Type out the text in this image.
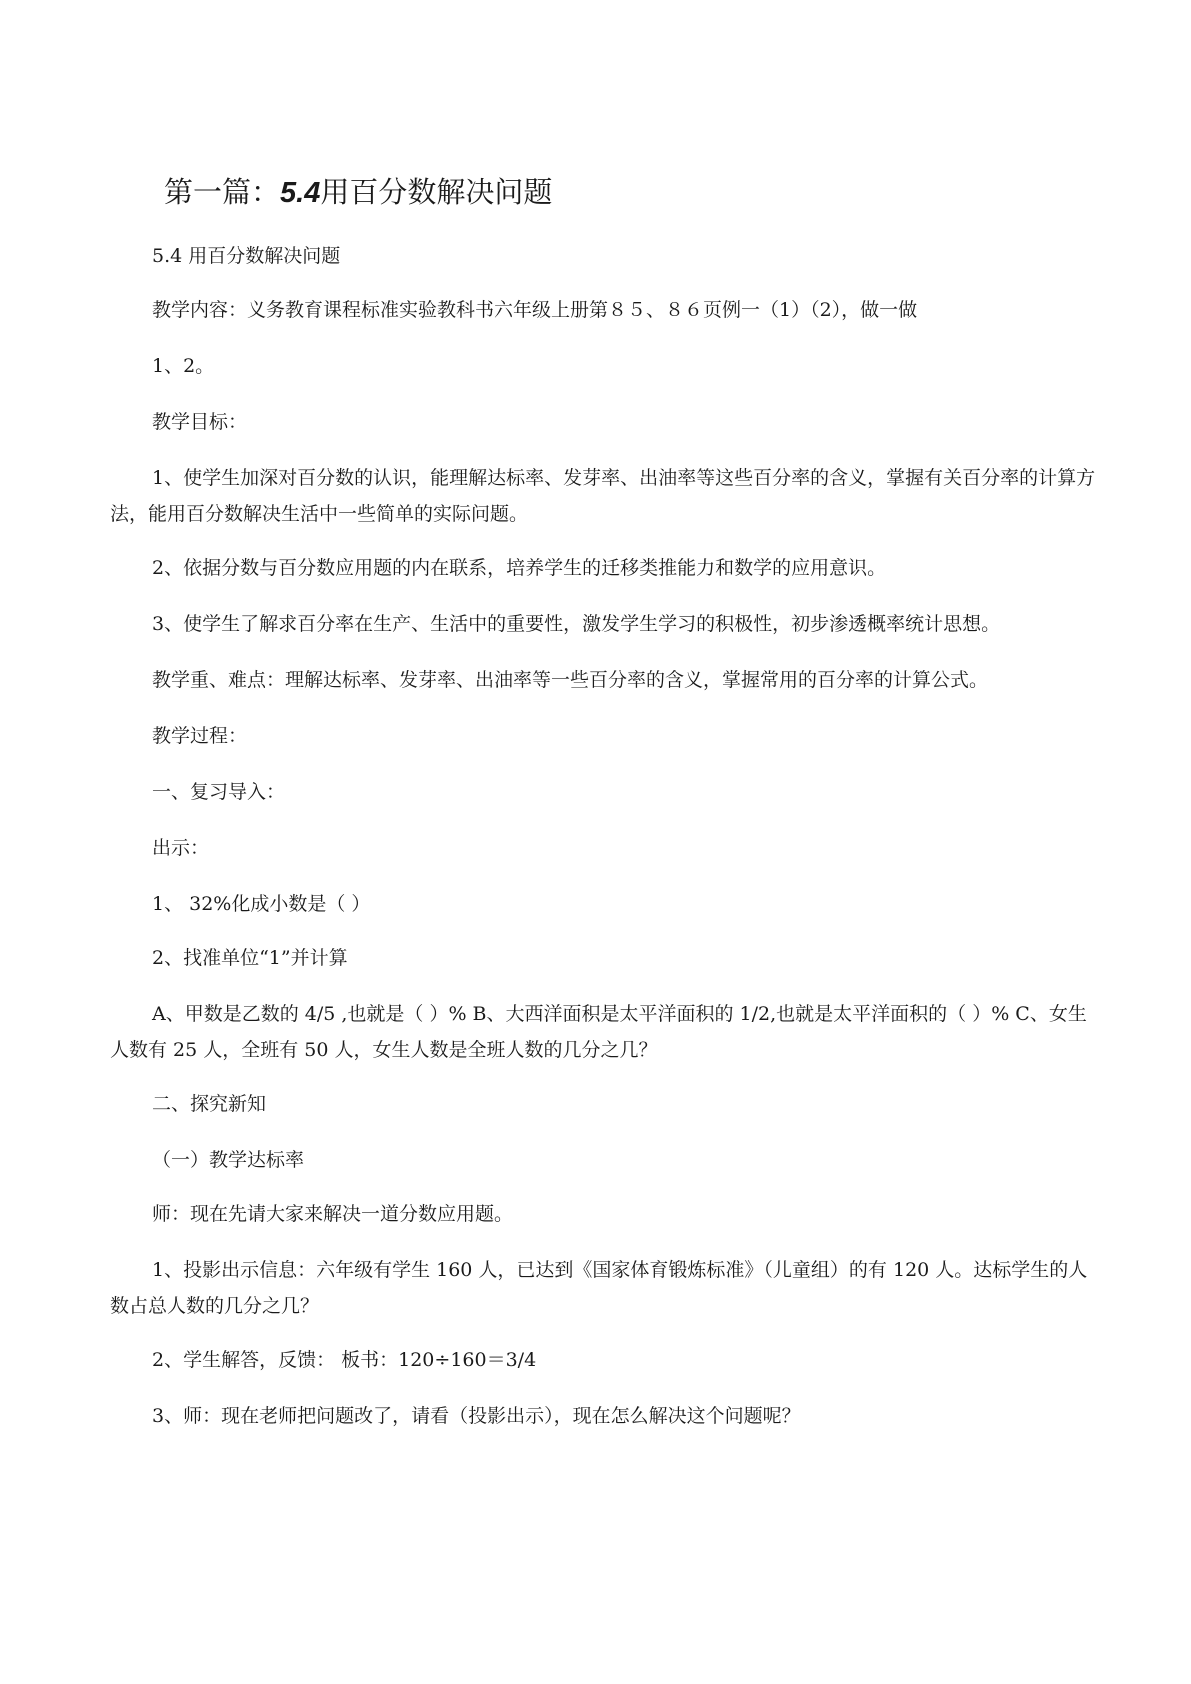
第一篇：5.4用百分数解决问题
5.4 用百分数解决问题
教学内容：义务教育课程标准实验教科书六年级上册第８５、８６页例一（1）（2），做一做
1、2。
教学目标：
1、使学生加深对百分数的认识，能理解达标率、发芽率、出油率等这些百分率的含义，掌握有关百分率的计算方法，能用百分数解决生活中一些简单的实际问题。
2、依据分数与百分数应用题的内在联系，培养学生的迁移类推能力和数学的应用意识。
3、使学生了解求百分率在生产、生活中的重要性，激发学生学习的积极性，初步渗透概率统计思想。
教学重、难点：理解达标率、发芽率、出油率等一些百分率的含义，掌握常用的百分率的计算公式。
教学过程：
一、复习导入：
出示：
1、 32%化成小数是（ ）
2、找准单位“1”并计算
A、甲数是乙数的 4/5 ,也就是（ ）% B、大西洋面积是太平洋面积的 1/2,也就是太平洋面积的（ ）% C、女生人数有 25 人，全班有 50 人，女生人数是全班人数的几分之几？
二、探究新知
（一）教学达标率
师：现在先请大家来解决一道分数应用题。
1、投影出示信息：六年级有学生 160 人，已达到《国家体育锻炼标准》（儿童组）的有 120 人。达标学生的人数占总人数的几分之几？
2、学生解答，反馈： 板书：120÷160＝3/4
3、师：现在老师把问题改了，请看（投影出示），现在怎么解决这个问题呢？
